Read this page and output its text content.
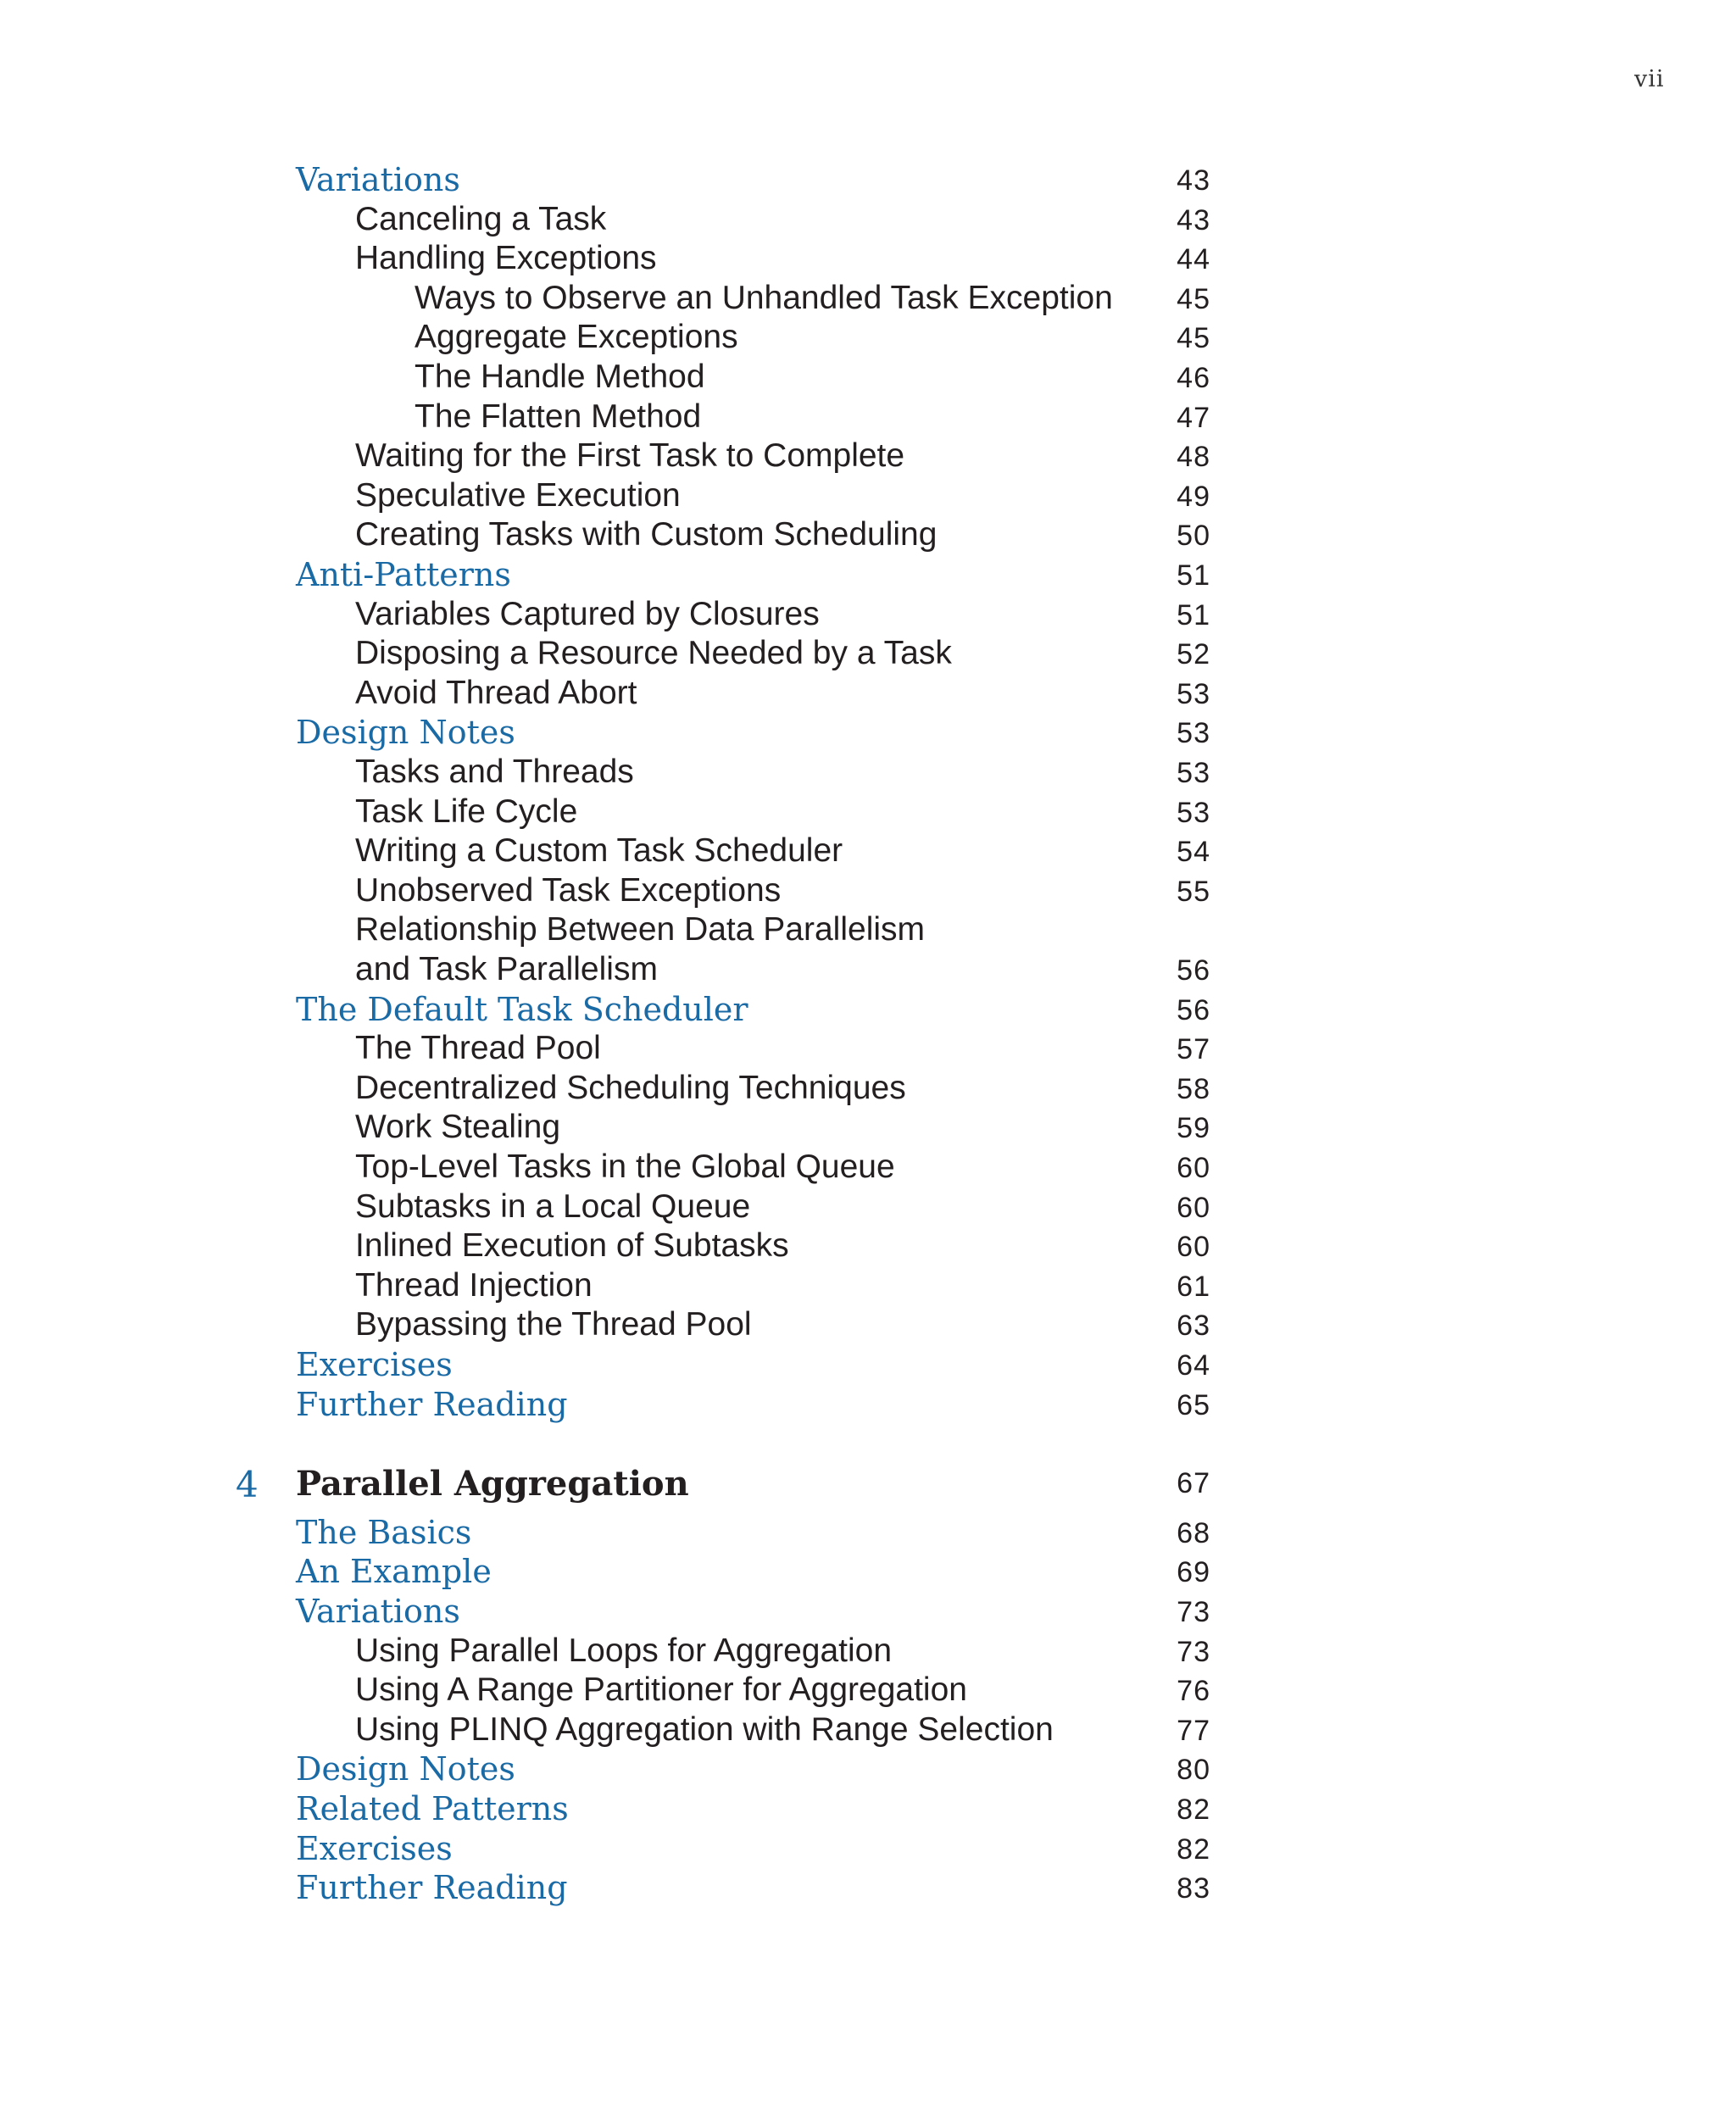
vii
Variations	43
Canceling a Task	43
Handling Exceptions	44
Ways to Observe an Unhandled Task Exception 45
Aggregate Exceptions	45
The Handle Method	46
The Flatten Method	47
Waiting for the First Task to Complete	48
Speculative Execution	49
Creating Tasks with Custom Scheduling	50
Anti-Patterns	51
Variables Captured by Closures	51
Disposing a Resource Needed by a Task	52
Avoid Thread Abort	53
Design Notes	53
Tasks and Threads	53
Task Life Cycle	53
Writing a Custom Task Scheduler	54
Unobserved Task Exceptions	55
Relationship Between Data Parallelism
and Task Parallelism	56
The Default Task Scheduler	56
The Thread Pool	57
Decentralized Scheduling Techniques	58
Work Stealing	59
Top-Level Tasks in the Global Queue	60
Subtasks in a Local Queue	60
Inlined Execution of Subtasks	60
Thread Injection	61
Bypassing the Thread Pool	63
Exercises	64
Further Reading	65
4 Parallel Aggregation	67
The Basics	68
An Example	69
Variations	73
Using Parallel Loops for Aggregation	73
Using A Range Partitioner for Aggregation	76
Using PLINQ Aggregation with Range Selection	77
Design Notes	80
Related Patterns	82
Exercises	82
Further Reading	83
